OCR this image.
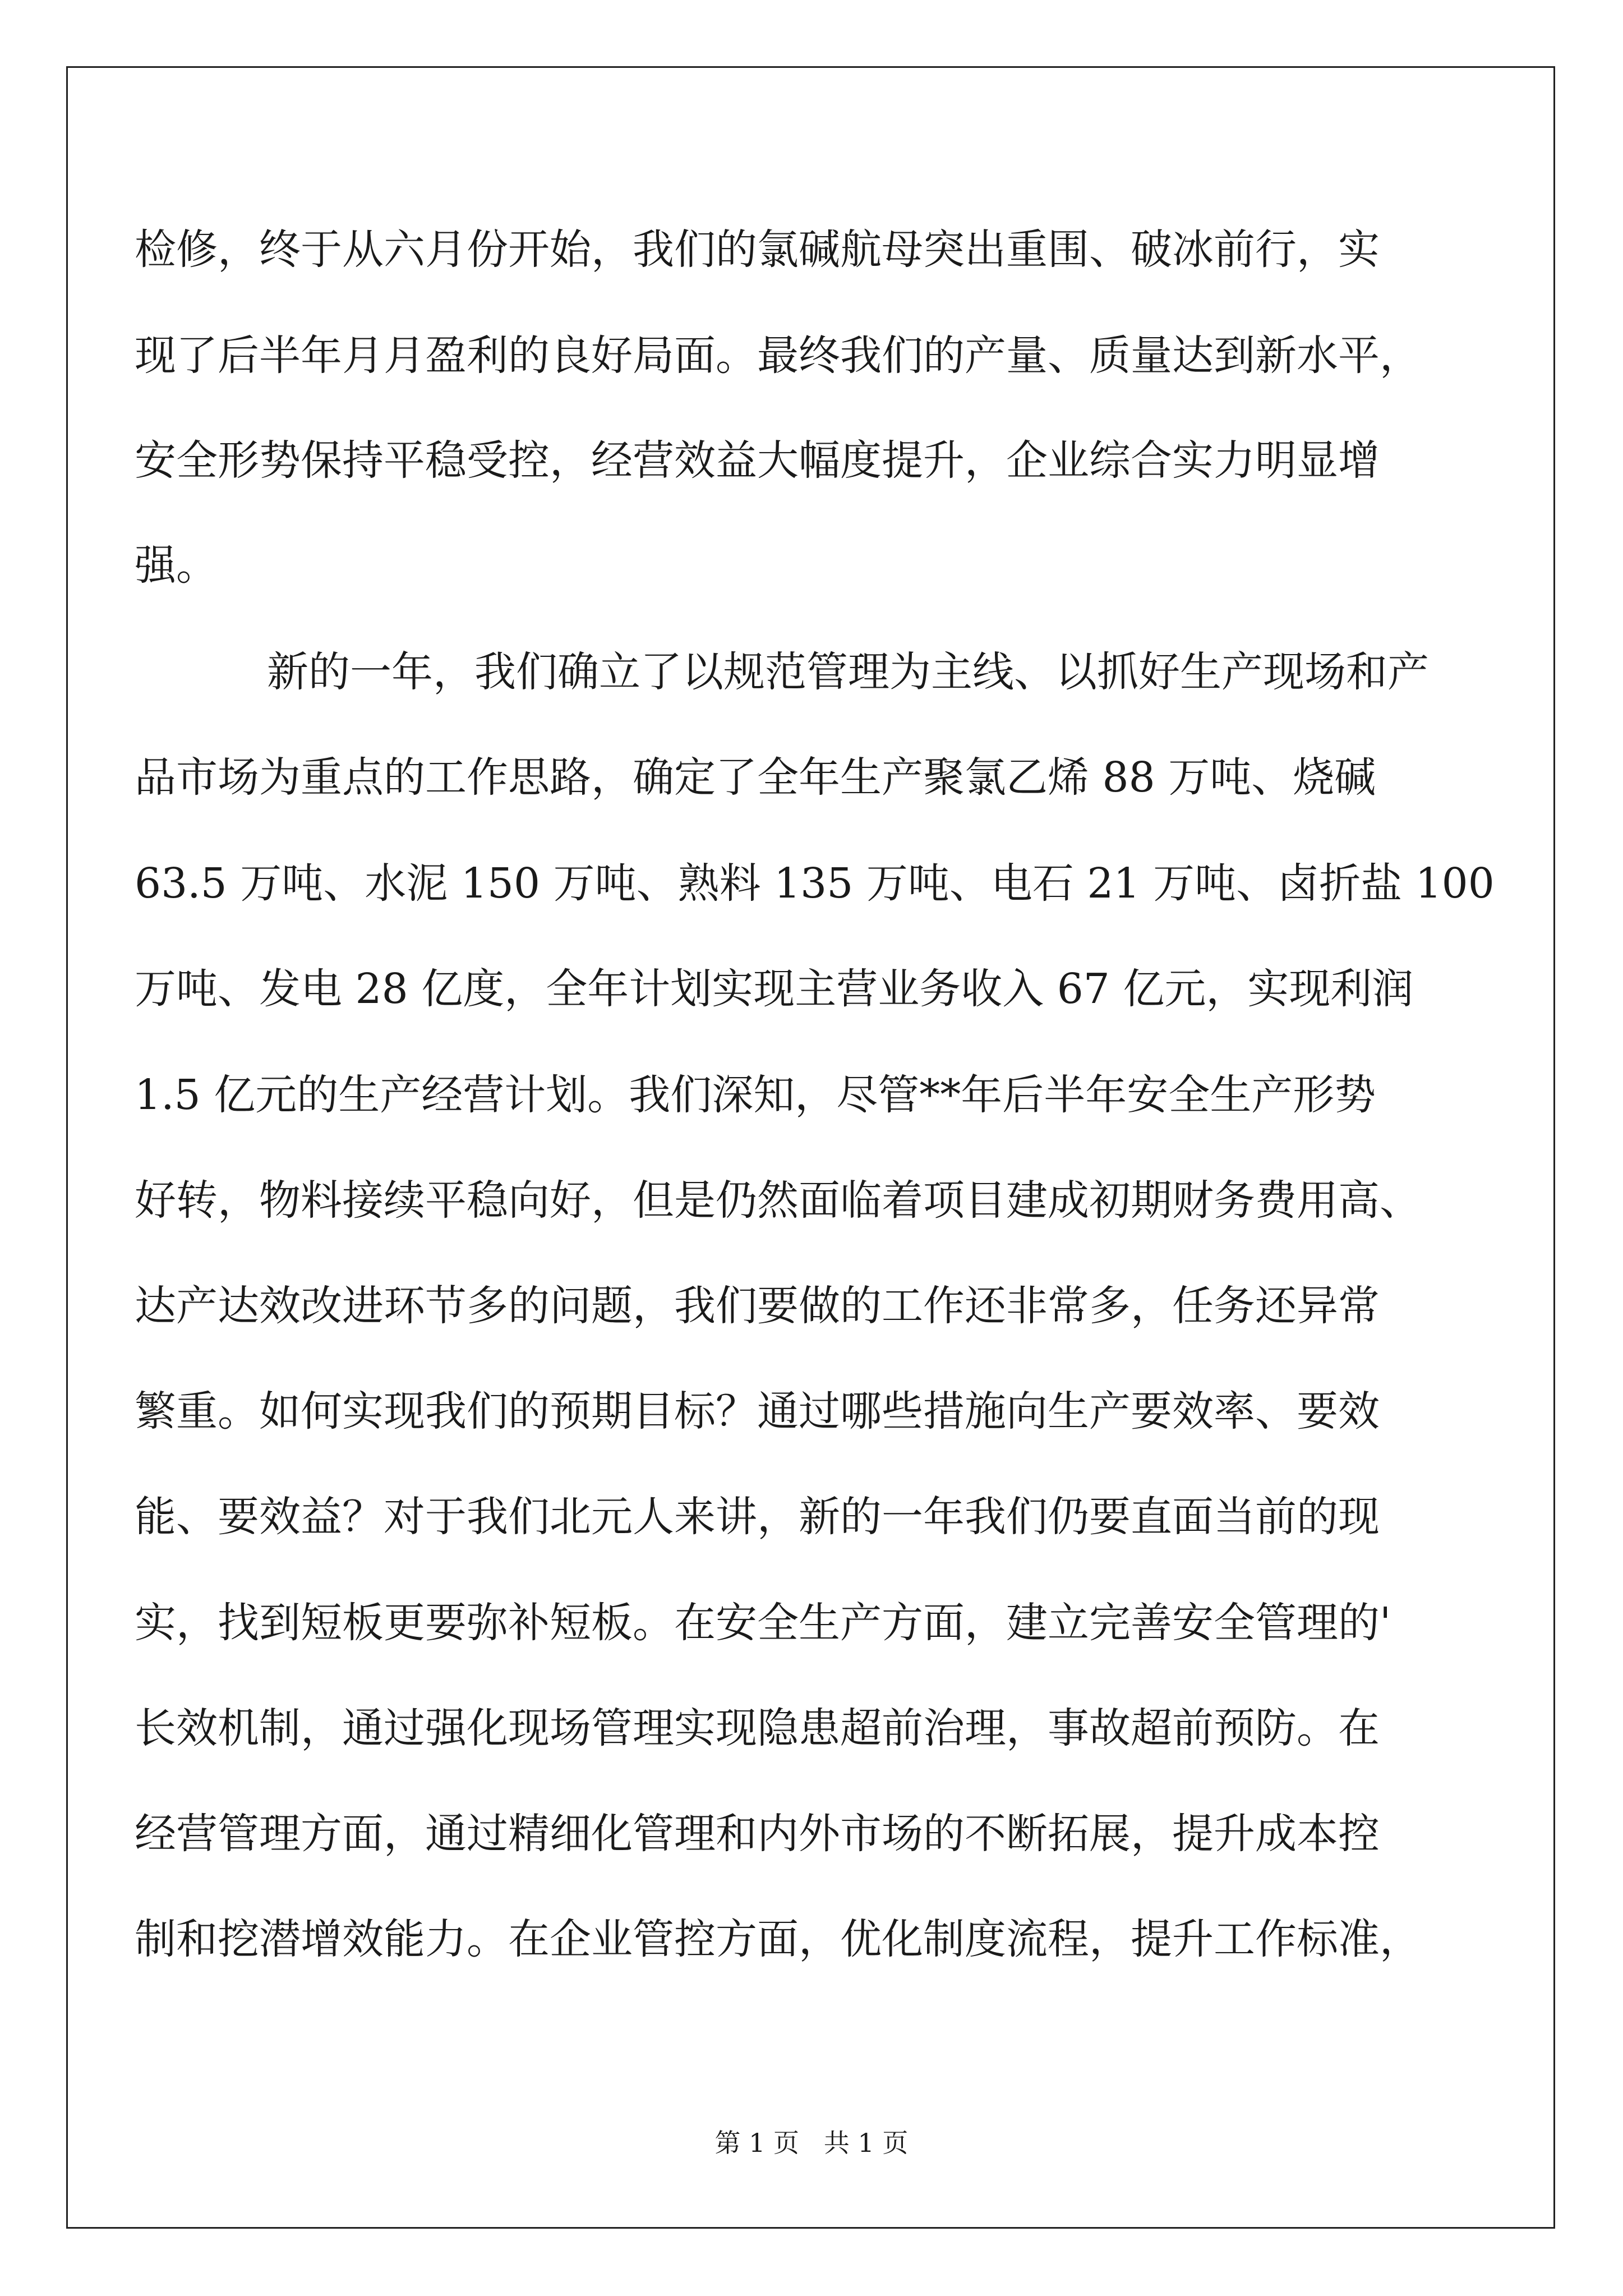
检修，终于从六月份开始，我们的氯碱航母突出重围、破冰前行，实
现了后半年月月盈利的良好局面。最终我们的产量、质量达到新水平，
安全形势保持平稳受控，经营效益大幅度提升，企业综合实力明显增
强。
新的一年，我们确立了以规范管理为主线、以抓好生产现场和产
品市场为重点的工作思路，确定了全年生产聚氯乙烯 88 万吨、烧碱
63.5 万吨、水泥 150 万吨、熟料 135 万吨、电石 21 万吨、卤折盐 100
万吨、发电 28 亿度，全年计划实现主营业务收入 67 亿元，实现利润
1.5 亿元的生产经营计划。我们深知，尽管**年后半年安全生产形势
好转，物料接续平稳向好，但是仍然面临着项目建成初期财务费用高、
达产达效改进环节多的问题，我们要做的工作还非常多，任务还异常
繁重。如何实现我们的预期目标？通过哪些措施向生产要效率、要效
能、要效益？对于我们北元人来讲，新的一年我们仍要直面当前的现
实，找到短板更要弥补短板。在安全生产方面，建立完善安全管理的'
长效机制，通过强化现场管理实现隐患超前治理，事故超前预防。在
经营管理方面，通过精细化管理和内外市场的不断拓展，提升成本控
制和挖潜增效能力。在企业管控方面，优化制度流程，提升工作标准，
第 1 页   共 1 页
